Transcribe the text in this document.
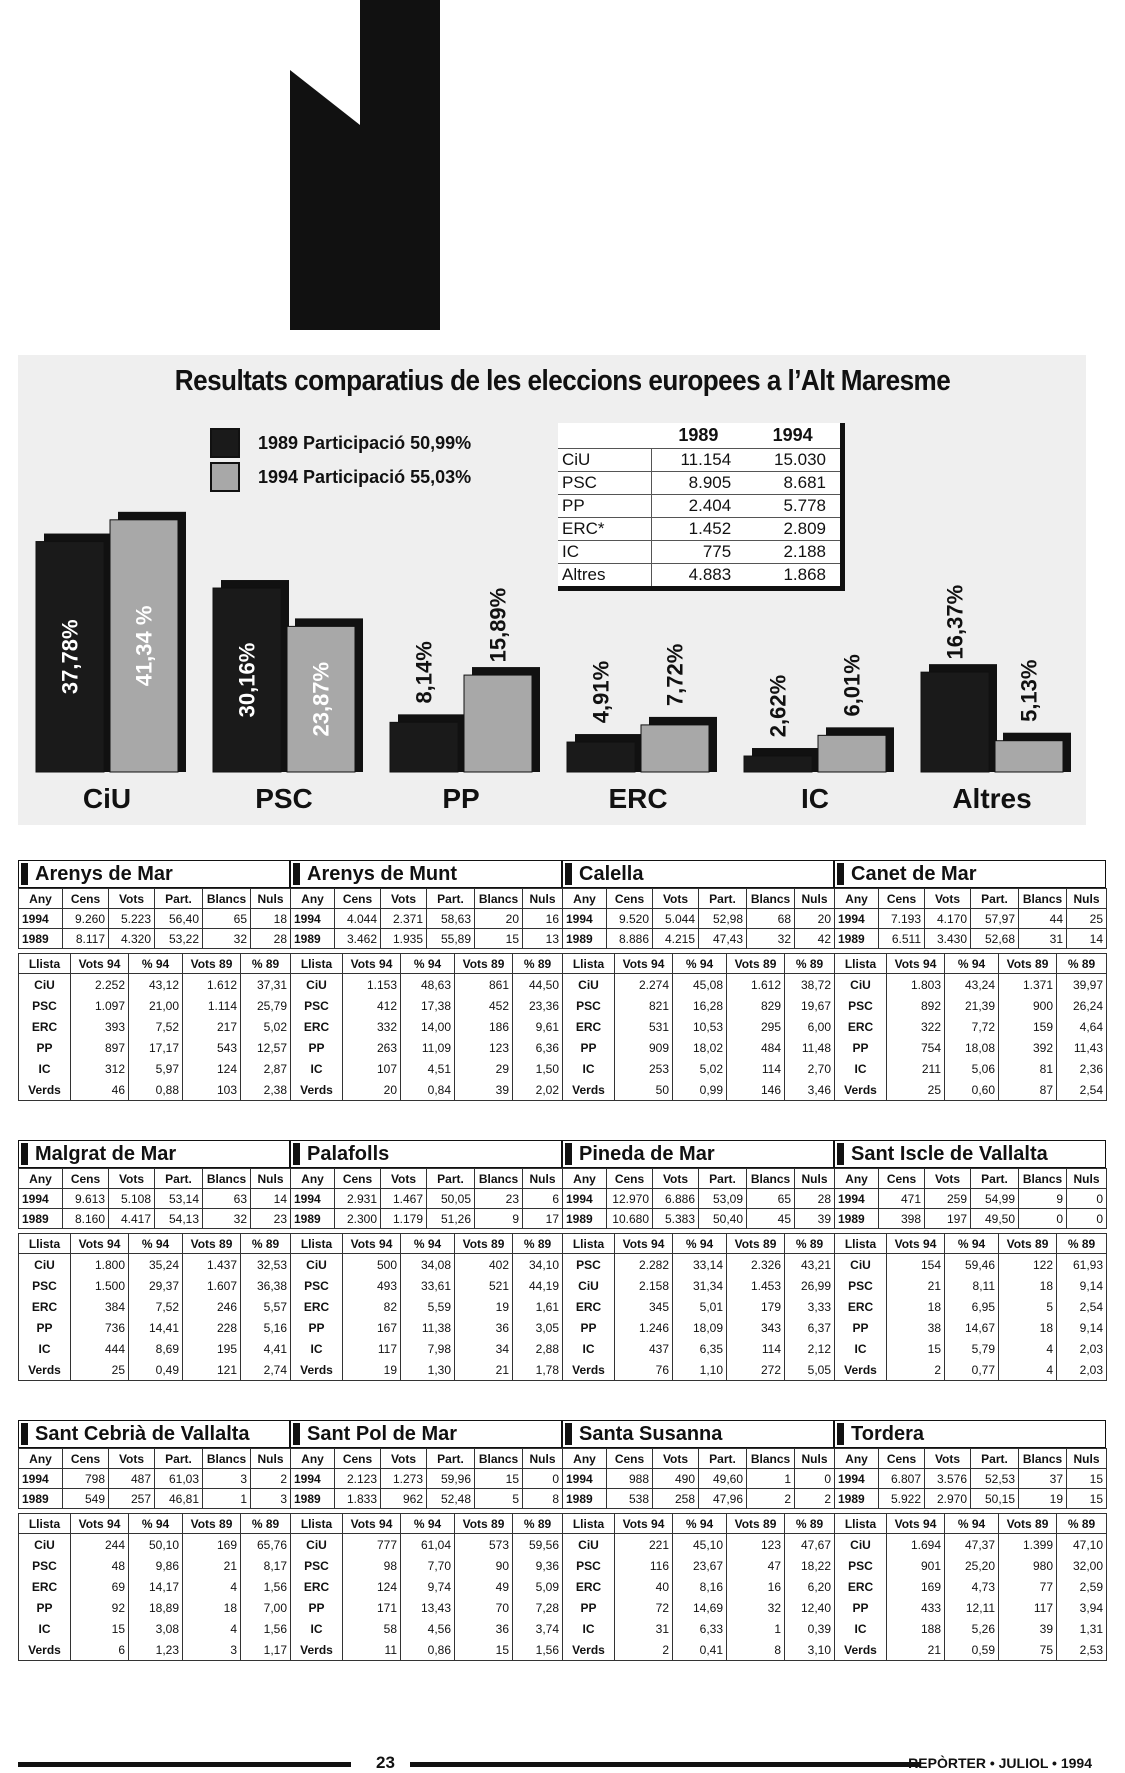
Resultats comparatius de les eleccions europees a l’Alt Maresme
1989 Participació 50,99%
1994 Participació 55,03%
37,78% 41,34 %
CiU
30,16% 23,87%
PSC
8,14%
15,89%
PP
4,91% 7,72%
ERC
2,62% 6,01%
IC
16,37%
5,13%
Altres
	1989	1994
CiU	11.154	15.030
PSC	8.905	8.681
PP	2.404	5.778
ERC*	1.452	2.809
IC	775	2.188
Altres	4.883	1.868
Arenys de Mar
Any	Cens	Vots	Part.	Blancs	Nuls
1994	9.260	5.223	56,40	65	18
1989	8.117	4.320	53,22	32	28
Llista	Vots 94	% 94	Vots 89	% 89
CiU	2.252	43,12	1.612	37,31
PSC	1.097	21,00	1.114	25,79
ERC	393	7,52	217	5,02
PP	897	17,17	543	12,57
IC	312	5,97	124	2,87
Verds	46	0,88	103	2,38
Arenys de Munt
Any	Cens	Vots	Part.	Blancs	Nuls
1994	4.044	2.371	58,63	20	16
1989	3.462	1.935	55,89	15	13
Llista	Vots 94	% 94	Vots 89	% 89
CiU	1.153	48,63	861	44,50
PSC	412	17,38	452	23,36
ERC	332	14,00	186	9,61
PP	263	11,09	123	6,36
IC	107	4,51	29	1,50
Verds	20	0,84	39	2,02
Calella
Any	Cens	Vots	Part.	Blancs	Nuls
1994	9.520	5.044	52,98	68	20
1989	8.886	4.215	47,43	32	42
Llista	Vots 94	% 94	Vots 89	% 89
CiU	2.274	45,08	1.612	38,72
PSC	821	16,28	829	19,67
ERC	531	10,53	295	6,00
PP	909	18,02	484	11,48
IC	253	5,02	114	2,70
Verds	50	0,99	146	3,46
Canet de Mar
Any	Cens	Vots	Part.	Blancs	Nuls
1994	7.193	4.170	57,97	44	25
1989	6.511	3.430	52,68	31	14
Llista	Vots 94	% 94	Vots 89	% 89
CiU	1.803	43,24	1.371	39,97
PSC	892	21,39	900	26,24
ERC	322	7,72	159	4,64
PP	754	18,08	392	11,43
IC	211	5,06	81	2,36
Verds	25	0,60	87	2,54
Malgrat de Mar
Any	Cens	Vots	Part.	Blancs	Nuls
1994	9.613	5.108	53,14	63	14
1989	8.160	4.417	54,13	32	23
Llista	Vots 94	% 94	Vots 89	% 89
CiU	1.800	35,24	1.437	32,53
PSC	1.500	29,37	1.607	36,38
ERC	384	7,52	246	5,57
PP	736	14,41	228	5,16
IC	444	8,69	195	4,41
Verds	25	0,49	121	2,74
Palafolls
Any	Cens	Vots	Part.	Blancs	Nuls
1994	2.931	1.467	50,05	23	6
1989	2.300	1.179	51,26	9	17
Llista	Vots 94	% 94	Vots 89	% 89
CiU	500	34,08	402	34,10
PSC	493	33,61	521	44,19
ERC	82	5,59	19	1,61
PP	167	11,38	36	3,05
IC	117	7,98	34	2,88
Verds	19	1,30	21	1,78
Pineda de Mar
Any	Cens	Vots	Part.	Blancs	Nuls
1994	12.970	6.886	53,09	65	28
1989	10.680	5.383	50,40	45	39
Llista	Vots 94	% 94	Vots 89	% 89
PSC	2.282	33,14	2.326	43,21
CiU	2.158	31,34	1.453	26,99
ERC	345	5,01	179	3,33
PP	1.246	18,09	343	6,37
IC	437	6,35	114	2,12
Verds	76	1,10	272	5,05
Sant Iscle de Vallalta
Any	Cens	Vots	Part.	Blancs	Nuls
1994	471	259	54,99	9	0
1989	398	197	49,50	0	0
Llista	Vots 94	% 94	Vots 89	% 89
CiU	154	59,46	122	61,93
PSC	21	8,11	18	9,14
ERC	18	6,95	5	2,54
PP	38	14,67	18	9,14
IC	15	5,79	4	2,03
Verds	2	0,77	4	2,03
Sant Cebrià de Vallalta
Any	Cens	Vots	Part.	Blancs	Nuls
1994	798	487	61,03	3	2
1989	549	257	46,81	1	3
Llista	Vots 94	% 94	Vots 89	% 89
CiU	244	50,10	169	65,76
PSC	48	9,86	21	8,17
ERC	69	14,17	4	1,56
PP	92	18,89	18	7,00
IC	15	3,08	4	1,56
Verds	6	1,23	3	1,17
Sant Pol de Mar
Any	Cens	Vots	Part.	Blancs	Nuls
1994	2.123	1.273	59,96	15	0
1989	1.833	962	52,48	5	8
Llista	Vots 94	% 94	Vots 89	% 89
CiU	777	61,04	573	59,56
PSC	98	7,70	90	9,36
ERC	124	9,74	49	5,09
PP	171	13,43	70	7,28
IC	58	4,56	36	3,74
Verds	11	0,86	15	1,56
Santa Susanna
Any	Cens	Vots	Part.	Blancs	Nuls
1994	988	490	49,60	1	0
1989	538	258	47,96	2	2
Llista	Vots 94	% 94	Vots 89	% 89
CiU	221	45,10	123	47,67
PSC	116	23,67	47	18,22
ERC	40	8,16	16	6,20
PP	72	14,69	32	12,40
IC	31	6,33	1	0,39
Verds	2	0,41	8	3,10
Tordera
Any	Cens	Vots	Part.	Blancs	Nuls
1994	6.807	3.576	52,53	37	15
1989	5.922	2.970	50,15	19	15
Llista	Vots 94	% 94	Vots 89	% 89
CiU	1.694	47,37	1.399	47,10
PSC	901	25,20	980	32,00
ERC	169	4,73	77	2,59
PP	433	12,11	117	3,94
IC	188	5,26	39	1,31
Verds	21	0,59	75	2,53
23	REPÒRTER • JULIOL • 1994
